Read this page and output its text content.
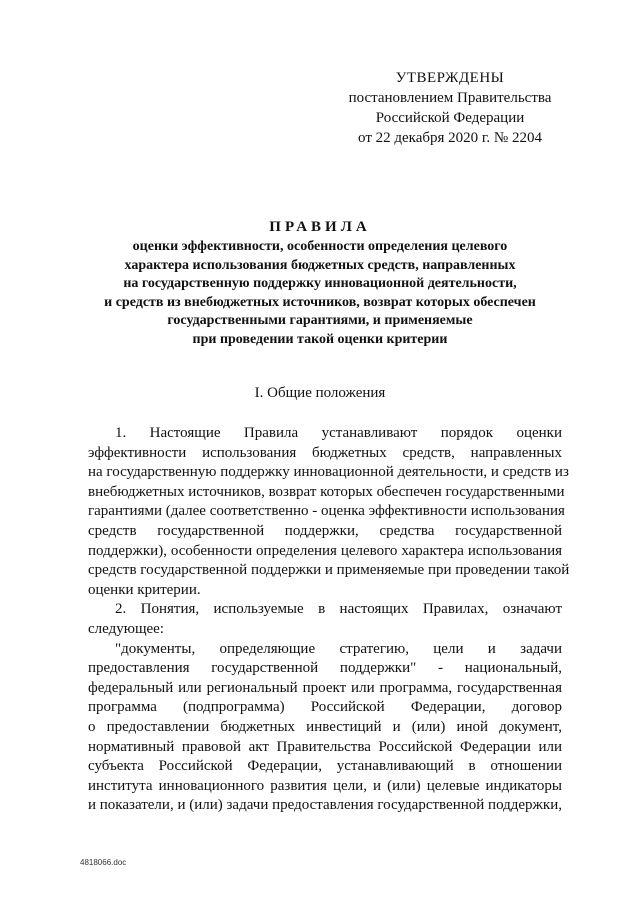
УТВЕРЖДЕНЫ
постановлением Правительства
Российской Федерации
от 22 декабря 2020 г. № 2204
ПРАВИЛА
оценки эффективности, особенности определения целевого
характера использования бюджетных средств, направленных
на государственную поддержку инновационной деятельности,
и средств из внебюджетных источников, возврат которых обеспечен
государственными гарантиями, и применяемые
при проведении такой оценки критерии
I. Общие положения
1. Настоящие Правила устанавливают порядок оценки
эффективности использования бюджетных средств, направленных
на государственную поддержку инновационной деятельности, и средств из
внебюджетных источников, возврат которых обеспечен государственными
гарантиями (далее соответственно - оценка эффективности использования
средств государственной поддержки, средства государственной
поддержки), особенности определения целевого характера использования
средств государственной поддержки и применяемые при проведении такой
оценки критерии.
2. Понятия, используемые в настоящих Правилах, означают
следующее:
"документы, определяющие стратегию, цели и задачи
предоставления государственной поддержки" - национальный,
федеральный или региональный проект или программа, государственная
программа (подпрограмма) Российской Федерации, договор
о предоставлении бюджетных инвестиций и (или) иной документ,
нормативный правовой акт Правительства Российской Федерации или
субъекта Российской Федерации, устанавливающий в отношении
института инновационного развития цели, и (или) целевые индикаторы
и показатели, и (или) задачи предоставления государственной поддержки,
4818066.doc
